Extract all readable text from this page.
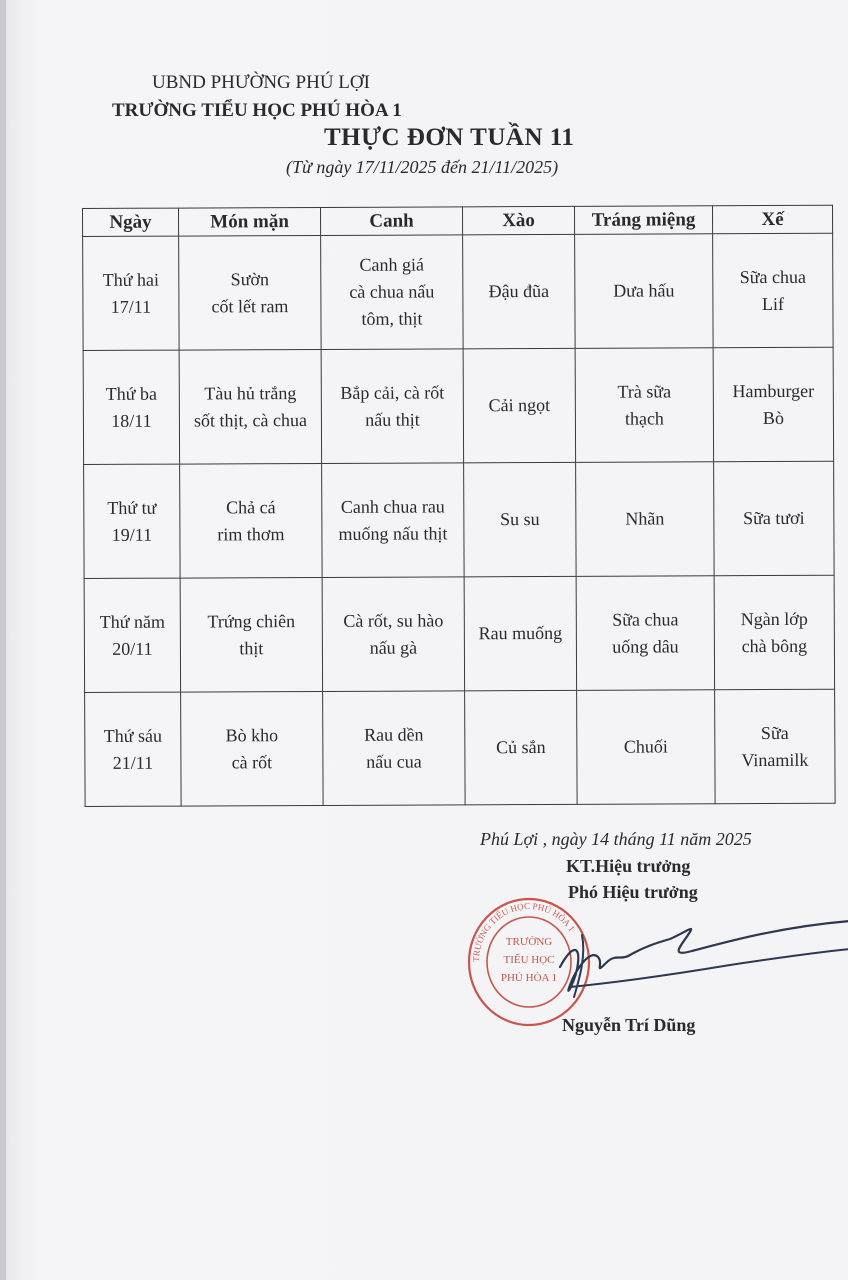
UBND PHƯỜNG PHÚ LỢI
TRƯỜNG TIỂU HỌC PHÚ HÒA 1
THỰC ĐƠN TUẦN 11
(Từ ngày 17/11/2025 đến 21/11/2025)
Ngày	Món mặn	Canh	Xào	Tráng miệng	Xế

Thứ hai
17/11	Sườn
cốt lết ram	Canh giá
cà chua nấu
tôm, thịt	Đậu đũa	Dưa hấu	Sữa chua
Lif

Thứ ba
18/11	Tàu hủ trắng
sốt thịt, cà chua	Bắp cải, cà rốt
nấu thịt	Cải ngọt	Trà sữa
thạch	Hamburger
Bò

Thứ tư
19/11	Chả cá
rim thơm	Canh chua rau
muống nấu thịt	Su su	Nhãn	Sữa tươi

Thứ năm
20/11	Trứng chiên
thịt	Cà rốt, su hào
nấu gà	Rau muống	Sữa chua
uống dâu	Ngàn lớp
chà bông

Thứ sáu
21/11	Bò kho
cà rốt	Rau dền
nấu cua	Củ sắn	Chuối	Sữa
Vinamilk
Phú Lợi , ngày 14 tháng 11 năm 2025
KT.Hiệu trưởng
Phó Hiệu trưởng
TRƯỜNG TIỂU HỌC PHÚ HÒA 1
TRƯỜNG
TIỂU HỌC
PHÚ HÒA 1
Nguyễn Trí Dũng
